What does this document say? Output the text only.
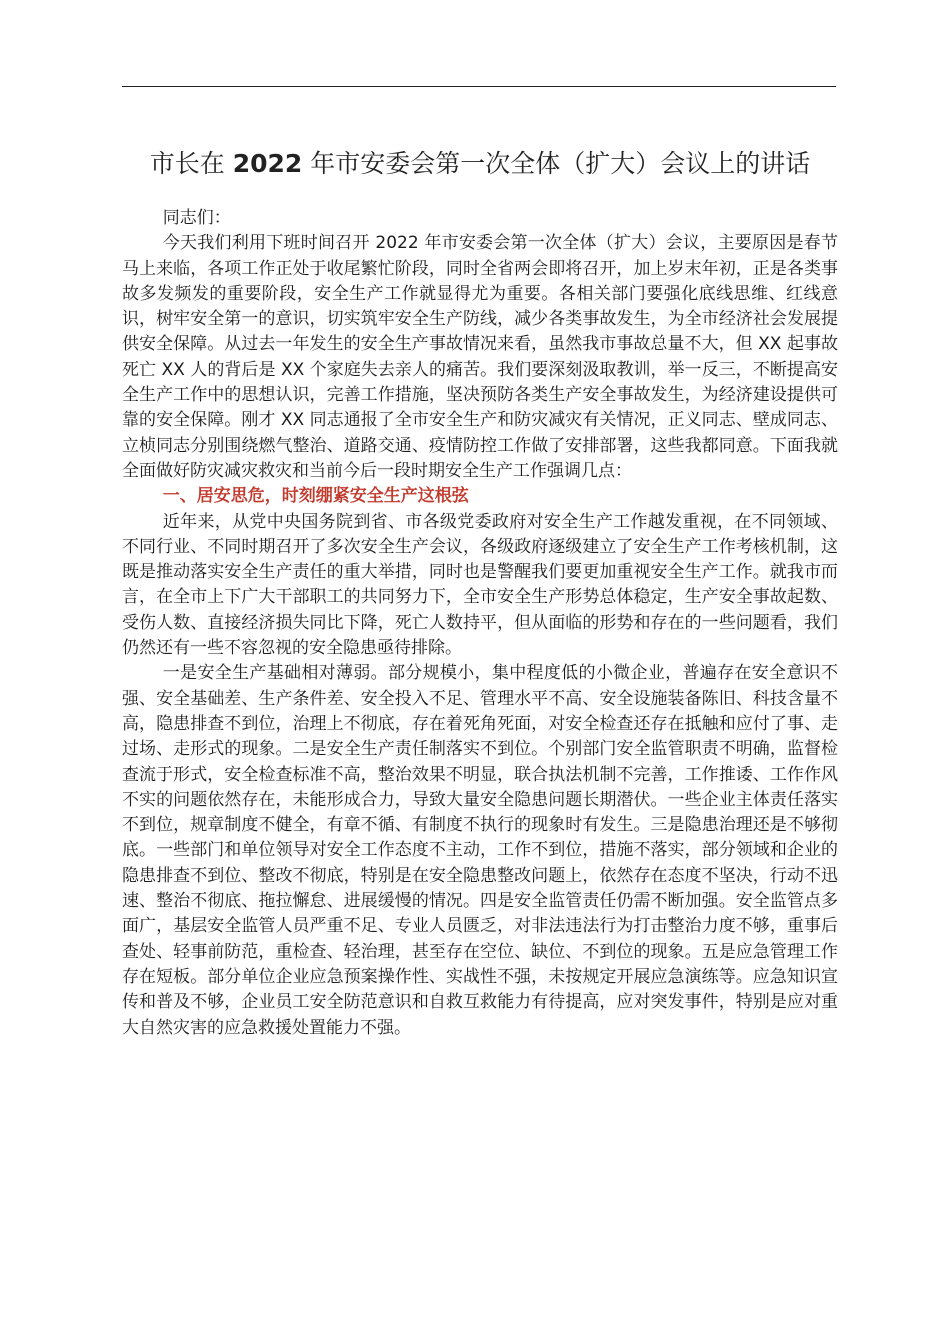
市长在 2022 年市安委会第一次全体（扩大）会议上的讲话

同志们：

今天我们利用下班时间召开 2022 年市安委会第一次全体（扩大）会议，主要原因是春节马上来临，各项工作正处于收尾繁忙阶段，同时全省两会即将召开，加上岁末年初，正是各类事故多发频发的重要阶段，安全生产工作就显得尤为重要。各相关部门要强化底线思维、红线意识，树牢安全第一的意识，切实筑牢安全生产防线，减少各类事故发生，为全市经济社会发展提供安全保障。从过去一年发生的安全生产事故情况来看，虽然我市事故总量不大，但 XX 起事故死亡 XX 人的背后是 XX 个家庭失去亲人的痛苦。我们要深刻汲取教训，举一反三，不断提高安全生产工作中的思想认识，完善工作措施，坚决预防各类生产安全事故发生，为经济建设提供可靠的安全保障。刚才 XX 同志通报了全市安全生产和防灾减灾有关情况，正义同志、壁成同志、立桢同志分别围绕燃气整治、道路交通、疫情防控工作做了安排部署，这些我都同意。下面我就全面做好防灾减灾救灾和当前今后一段时期安全生产工作强调几点：

一、居安思危，时刻绷紧安全生产这根弦

近年来，从党中央国务院到省、市各级党委政府对安全生产工作越发重视，在不同领域、不同行业、不同时期召开了多次安全生产会议，各级政府逐级建立了安全生产工作考核机制，这既是推动落实安全生产责任的重大举措，同时也是警醒我们要更加重视安全生产工作。就我市而言，在全市上下广大干部职工的共同努力下，全市安全生产形势总体稳定，生产安全事故起数、受伤人数、直接经济损失同比下降，死亡人数持平，但从面临的形势和存在的一些问题看，我们仍然还有一些不容忽视的安全隐患亟待排除。

一是安全生产基础相对薄弱。部分规模小，集中程度低的小微企业，普遍存在安全意识不强、安全基础差、生产条件差、安全投入不足、管理水平不高、安全设施装备陈旧、科技含量不高，隐患排查不到位，治理上不彻底，存在着死角死面，对安全检查还存在抵触和应付了事、走过场、走形式的现象。二是安全生产责任制落实不到位。个别部门安全监管职责不明确，监督检查流于形式，安全检查标准不高，整治效果不明显，联合执法机制不完善，工作推诿、工作作风不实的问题依然存在，未能形成合力，导致大量安全隐患问题长期潜伏。一些企业主体责任落实不到位，规章制度不健全，有章不循、有制度不执行的现象时有发生。三是隐患治理还是不够彻底。一些部门和单位领导对安全工作态度不主动，工作不到位，措施不落实，部分领域和企业的隐患排查不到位、整改不彻底，特别是在安全隐患整改问题上，依然存在态度不坚决，行动不迅速、整治不彻底、拖拉懈怠、进展缓慢的情况。四是安全监管责任仍需不断加强。安全监管点多面广，基层安全监管人员严重不足、专业人员匮乏，对非法违法行为打击整治力度不够，重事后查处、轻事前防范，重检查、轻治理，甚至存在空位、缺位、不到位的现象。五是应急管理工作存在短板。部分单位企业应急预案操作性、实战性不强，未按规定开展应急演练等。应急知识宣传和普及不够，企业员工安全防范意识和自救互救能力有待提高，应对突发事件，特别是应对重大自然灾害的应急救援处置能力不强。
